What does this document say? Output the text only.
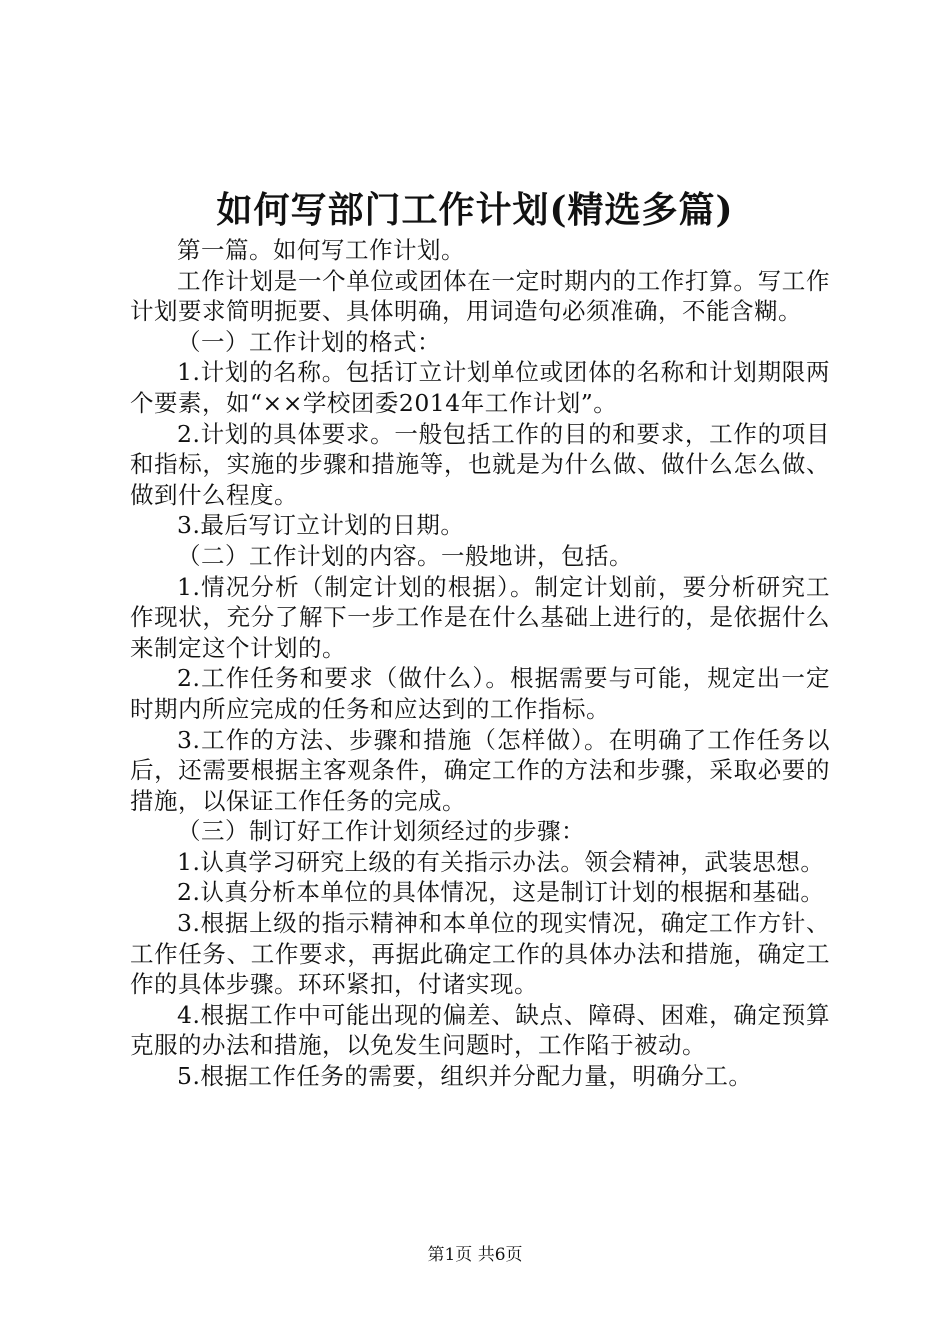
如何写部门工作计划(精选多篇)

第一篇。如何写工作计划。

工作计划是一个单位或团体在一定时期内的工作打算。写工作计划要求简明扼要、具体明确，用词造句必须准确，不能含糊。

（一）工作计划的格式：

1.计划的名称。包括订立计划单位或团体的名称和计划期限两个要素，如“××学校团委2014年工作计划”。

2.计划的具体要求。一般包括工作的目的和要求，工作的项目和指标，实施的步骤和措施等，也就是为什么做、做什么怎么做、做到什么程度。

3.最后写订立计划的日期。

（二）工作计划的内容。一般地讲，包括。

1.情况分析（制定计划的根据）。制定计划前，要分析研究工作现状，充分了解下一步工作是在什么基础上进行的，是依据什么来制定这个计划的。

2.工作任务和要求（做什么）。根据需要与可能，规定出一定时期内所应完成的任务和应达到的工作指标。

3.工作的方法、步骤和措施（怎样做）。在明确了工作任务以后，还需要根据主客观条件，确定工作的方法和步骤，采取必要的措施，以保证工作任务的完成。

（三）制订好工作计划须经过的步骤：

1.认真学习研究上级的有关指示办法。领会精神，武装思想。

2.认真分析本单位的具体情况，这是制订计划的根据和基础。

3.根据上级的指示精神和本单位的现实情况，确定工作方针、工作任务、工作要求，再据此确定工作的具体办法和措施，确定工作的具体步骤。环环紧扣，付诸实现。

4.根据工作中可能出现的偏差、缺点、障碍、困难，确定预算克服的办法和措施，以免发生问题时，工作陷于被动。

5.根据工作任务的需要，组织并分配力量，明确分工。

第1页 共6页
